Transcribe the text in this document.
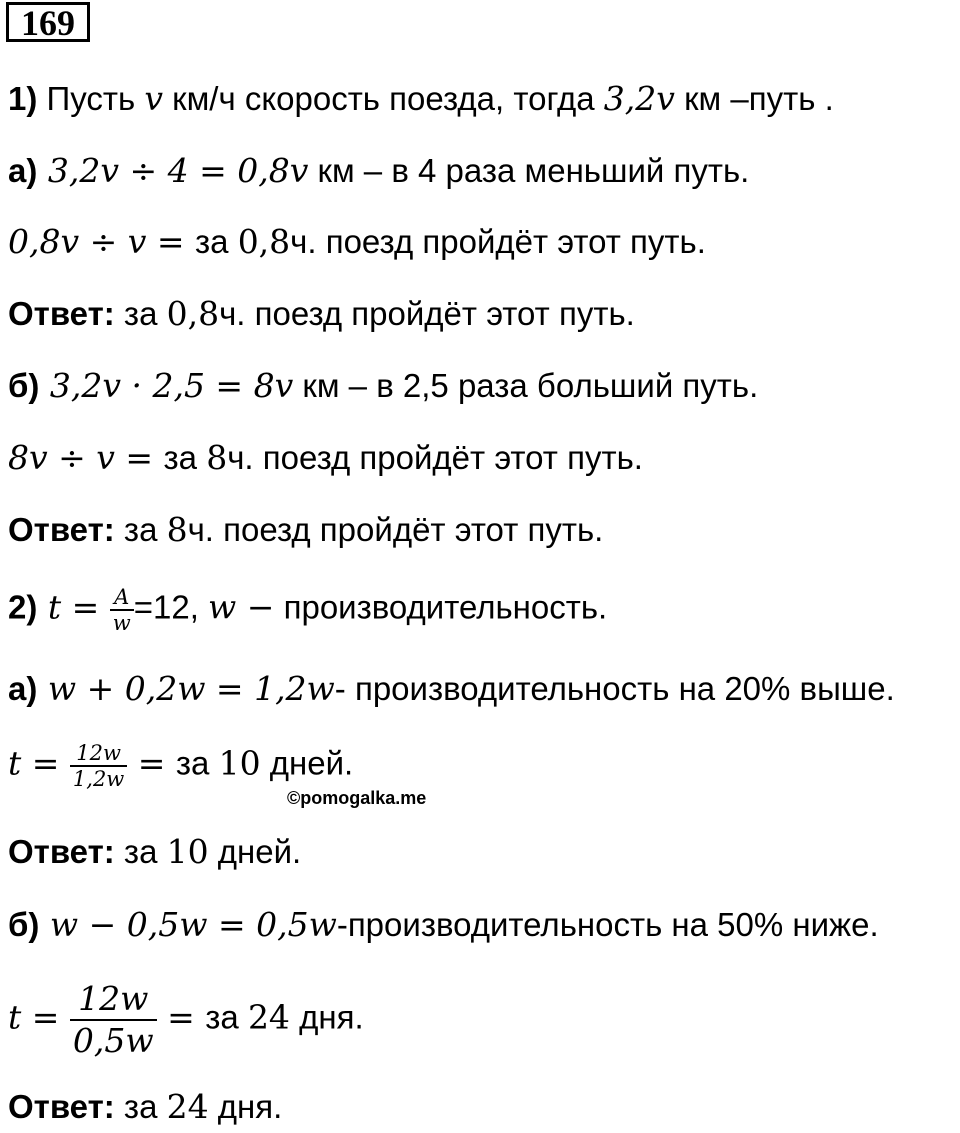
169
1) Пусть v км/ч скорость поезда, тогда 3,2v км –путь .
а) 3,2v ÷ 4 = 0,8v км – в 4 раза меньший путь.
0,8v ÷ v = за 0,8ч. поезд пройдёт этот путь.
Ответ: за 0,8ч. поезд пройдёт этот путь.
б) 3,2v · 2,5 = 8v км – в 2,5 раза больший путь.
8v ÷ v = за 8ч. поезд пройдёт этот путь.
Ответ: за 8ч. поезд пройдёт этот путь.
2) $t = \frac{A}{w} =12$, w − производительность.
а) w + 0,2w = 1,2w- производительность на 20% выше.
$t = \frac{12w}{1,2w}$ = за 10 дней.
©pomogalka.me
Ответ: за 10 дней.
б) w − 0,5w = 0,5w-производительность на 50% ниже.
$t = \frac{12w}{0,5w}$ = за 24 дня.
Ответ: за 24 дня.
